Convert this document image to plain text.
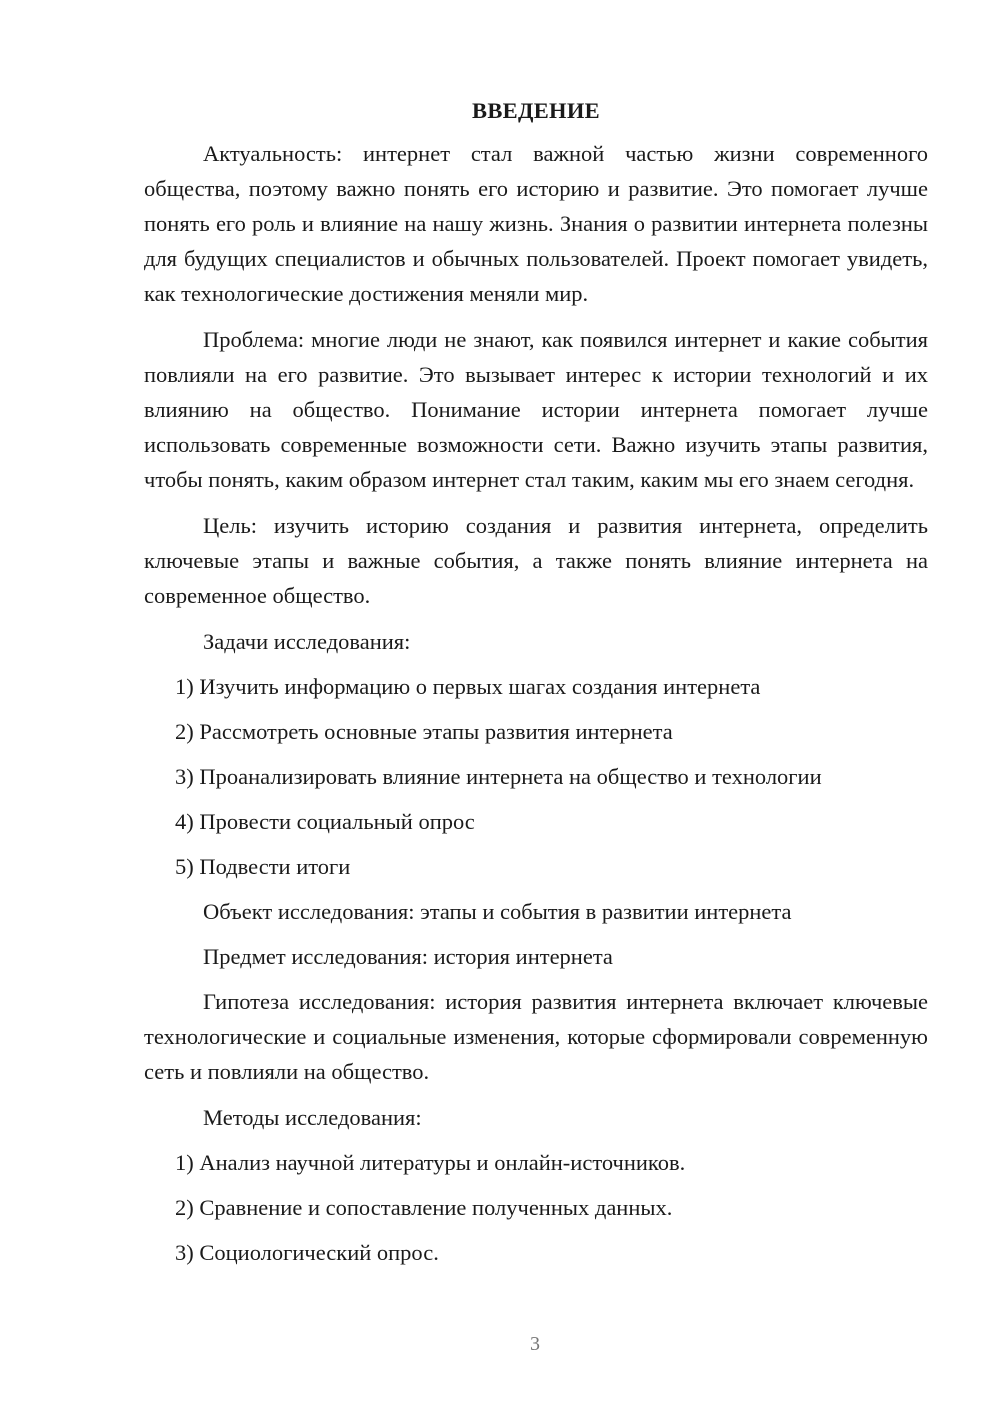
ВВЕДЕНИЕ

Актуальность: интернет стал важной частью жизни современного общества, поэтому важно понять его историю и развитие. Это помогает лучше понять его роль и влияние на нашу жизнь. Знания о развитии интернета полезны для будущих специалистов и обычных пользователей. Проект помогает увидеть, как технологические достижения меняли мир.

Проблема: многие люди не знают, как появился интернет и какие события повлияли на его развитие. Это вызывает интерес к истории технологий и их влиянию на общество. Понимание истории интернета помогает лучше использовать современные возможности сети. Важно изучить этапы развития, чтобы понять, каким образом интернет стал таким, каким мы его знаем сегодня.

Цель: изучить историю создания и развития интернета, определить ключевые этапы и важные события, а также понять влияние интернета на современное общество.

Задачи исследования:
1) Изучить информацию о первых шагах создания интернета
2) Рассмотреть основные этапы развития интернета
3) Проанализировать влияние интернета на общество и технологии
4) Провести социальный опрос
5) Подвести итоги
Объект исследования: этапы и события в развитии интернета
Предмет исследования: история интернета

Гипотеза исследования: история развития интернета включает ключевые технологические и социальные изменения, которые сформировали современную сеть и повлияли на общество.

Методы исследования:
1) Анализ научной литературы и онлайн-источников.
2) Сравнение и сопоставление полученных данных.
3) Социологический опрос.
3
